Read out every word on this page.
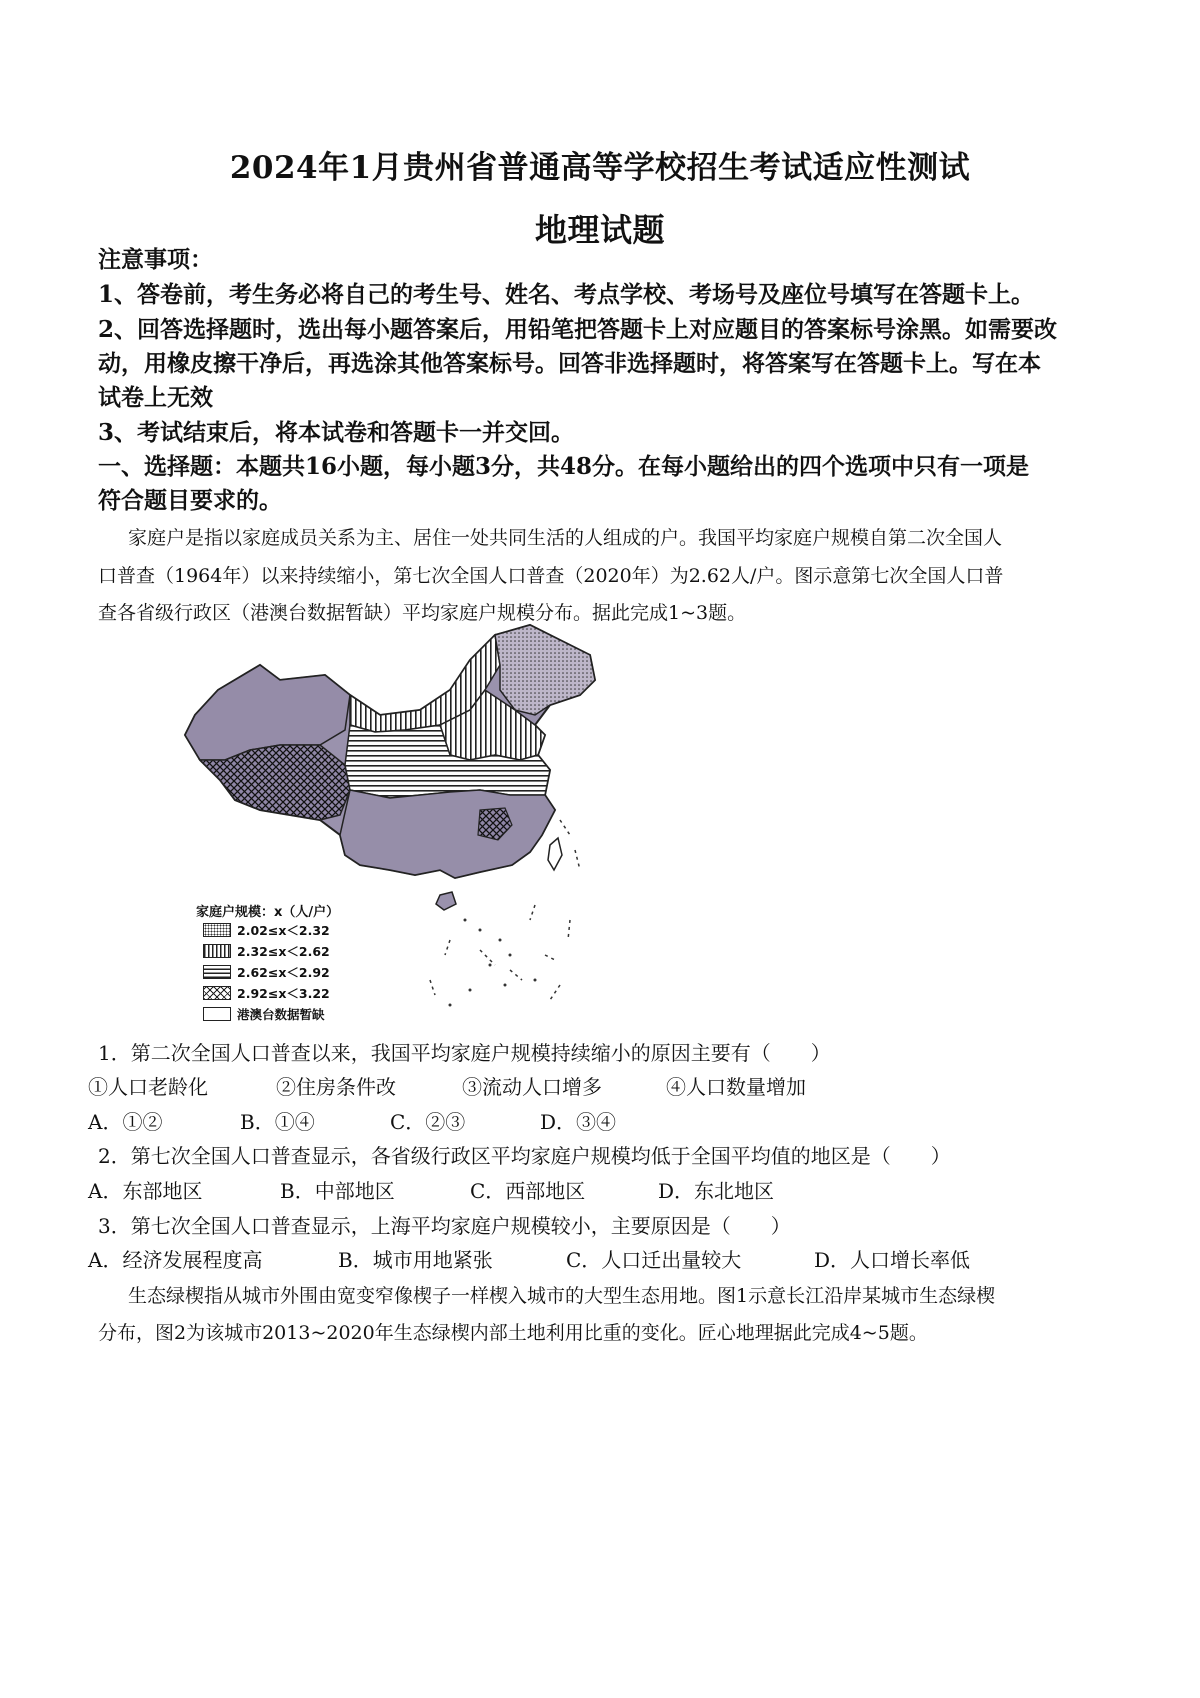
2024年1月贵州省普通高等学校招生考试适应性测试
地理试题
注意事项：
1、答卷前，考生务必将自己的考生号、姓名、考点学校、考场号及座位号填写在答题卡上。
2、回答选择题时，选出每小题答案后，用铅笔把答题卡上对应题目的答案标号涂黑。如需要改
动，用橡皮擦干净后，再选涂其他答案标号。回答非选择题时，将答案写在答题卡上。写在本
试卷上无效
3、考试结束后，将本试卷和答题卡一并交回。
一、选择题：本题共16小题，每小题3分，共48分。在每小题给出的四个选项中只有一项是
符合题目要求的。
家庭户是指以家庭成员关系为主、居住一处共同生活的人组成的户。我国平均家庭户规模自第二次全国人
口普查（1964年）以来持续缩小，第七次全国人口普查（2020年）为2.62人/户。图示意第七次全国人口普
查各省级行政区（港澳台数据暂缺）平均家庭户规模分布。据此完成1~3题。
家庭户规模：x（人/户）
2.02≤x＜2.32
2.32≤x＜2.62
2.62≤x＜2.92
2.92≤x＜3.22
港澳台数据暂缺
1．第二次全国人口普查以来，我国平均家庭户规模持续缩小的原因主要有（　　）
①人口老龄化	②住房条件改	③流动人口增多	④人口数量增加
A．①②	B．①④	C．②③	D．③④
2．第七次全国人口普查显示，各省级行政区平均家庭户规模均低于全国平均值的地区是（　　）
A．东部地区	B．中部地区	C．西部地区	D．东北地区
3．第七次全国人口普查显示，上海平均家庭户规模较小，主要原因是（　　）
A．经济发展程度高	B．城市用地紧张	C．人口迁出量较大	D．人口增长率低
生态绿楔指从城市外围由宽变窄像楔子一样楔入城市的大型生态用地。图1示意长江沿岸某城市生态绿楔
分布，图2为该城市2013~2020年生态绿楔内部土地利用比重的变化。匠心地理据此完成4~5题。
